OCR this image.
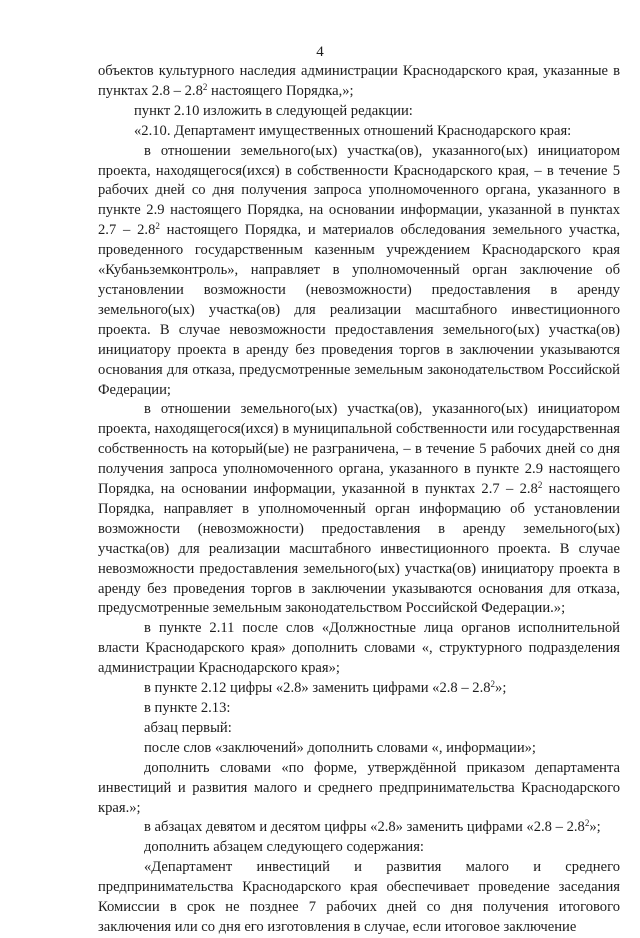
4

объектов культурного наследия администрации Краснодарского края, указанные в пунктах $2.8 - 2.8^2$ настоящего Порядка,»;

пункт 2.10 изложить в следующей редакции:

«2.10. Департамент имущественных отношений Краснодарского края:

в отношении земельного(ых) участка(ов), указанного(ых) инициатором проекта, находящегося(ихся) в собственности Краснодарского края, – в течение 5 рабочих дней со дня получения запроса уполномоченного органа, указанного в пункте 2.9 настоящего Порядка, на основании информации, указанной в пунктах $2.7 - 2.8^2$ настоящего Порядка, и материалов обследования земельного участка, проведенного государственным казенным учреждением Краснодарского края «Кубаньземконтроль», направляет в уполномоченный орган заключение об установлении возможности (невозможности) предоставления в аренду земельного(ых) участка(ов) для реализации масштабного инвестиционного проекта. В случае невозможности предоставления земельного(ых) участка(ов) инициатору проекта в аренду без проведения торгов в заключении указываются основания для отказа, предусмотренные земельным законодательством Российской Федерации;

в отношении земельного(ых) участка(ов), указанного(ых) инициатором проекта, находящегося(ихся) в муниципальной собственности или государственная собственность на который(ые) не разграничена, – в течение 5 рабочих дней со дня получения запроса уполномоченного органа, указанного в пункте 2.9 настоящего Порядка, на основании информации, указанной в пунктах $2.7 - 2.8^2$ настоящего Порядка, направляет в уполномоченный орган информацию об установлении возможности (невозможности) предоставления в аренду земельного(ых) участка(ов) для реализации масштабного инвестиционного проекта. В случае невозможности предоставления земельного(ых) участка(ов) инициатору проекта в аренду без проведения торгов в заключении указываются основания для отказа, предусмотренные земельным законодательством Российской Федерации.»;

в пункте 2.11 после слов «Должностные лица органов исполнительной власти Краснодарского края» дополнить словами «, структурного подразделения администрации Краснодарского края»;

в пункте 2.12 цифры «2.8» заменить цифрами «$2.8 - 2.8^2$»;

в пункте 2.13:

абзац первый:

после слов «заключений» дополнить словами «, информации»;

дополнить словами «по форме, утверждённой приказом департамента инвестиций и развития малого и среднего предпринимательства Краснодарского края.»;

в абзацах девятом и десятом цифры «2.8» заменить цифрами «$2.8 - 2.8^2$»;

дополнить абзацем следующего содержания:

«Департамент инвестиций и развития малого и среднего предпринимательства Краснодарского края обеспечивает проведение заседания Комиссии в срок не позднее 7 рабочих дней со дня получения итогового заключения или со дня его изготовления в случае, если итоговое заключение
